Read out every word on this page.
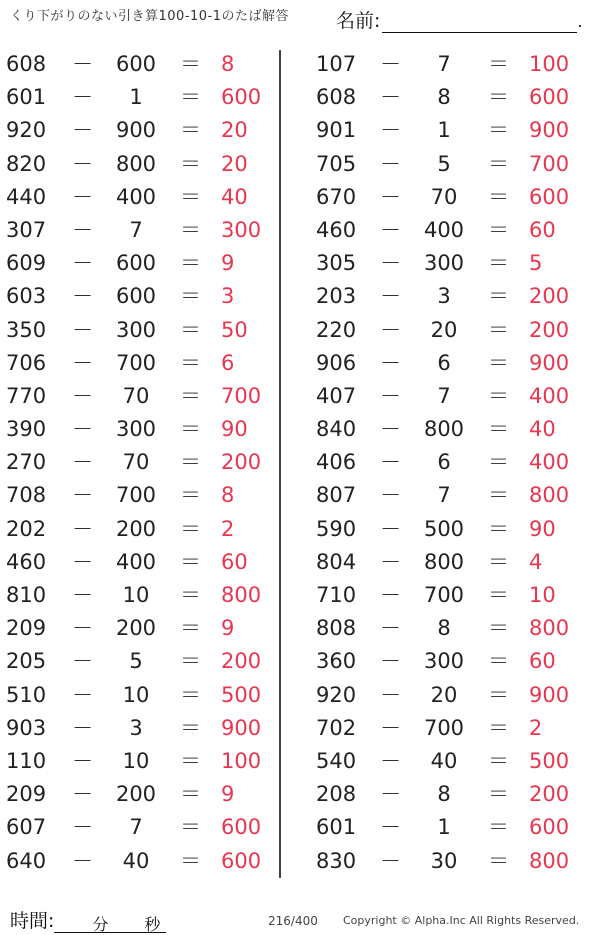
くり下がりのない引き算100-10-1のたば解答 名前:	.
608 －	600	＝ 8
601 －	1	＝ 600
920 －	900	＝ 20
820 －	800	＝ 20
440 －	400	＝ 40
307 －	7	＝ 300
609 －	600	＝ 9
603 －	600	＝ 3
350 －	300	＝ 50
706 －	700	＝ 6
770 －	70	＝ 700
390 －	300	＝ 90
270 －	70	＝ 200
708 －	700	＝ 8
202 －	200	＝ 2
460 －	400	＝ 60
810 －	10	＝ 800
209 －	200	＝ 9
205 －	5	＝ 200
510 －	10	＝ 500
903 －	3	＝ 900
110 －	10	＝ 100
209 －	200	＝ 9
607 －	7	＝ 600
640 －	40	＝ 600
107 －	7	＝ 100
608 －	8	＝ 600
901 －	1	＝ 900
705 －	5	＝ 700
670 －	70	＝ 600
460 －	400	＝ 60
305 －	300	＝ 5
203 －	3	＝ 200
220 －	20	＝ 200
906 －	6	＝ 900
407 －	7	＝ 400
840 －	800	＝ 40
406 －	6	＝ 400
807 －	7	＝ 800
590 －	500	＝ 90
804 －	800	＝ 4
710 －	700	＝ 10
808 －	8	＝ 800
360 －	300	＝ 60
920 －	20	＝ 900
702 －	700	＝ 2
540 －	40	＝ 500
208 －	8	＝ 200
601 －	1	＝ 600
830 －	30	＝ 800
時間: 分 秒	216/400 Copyright © Alpha.Inc All Rights Reserved.
